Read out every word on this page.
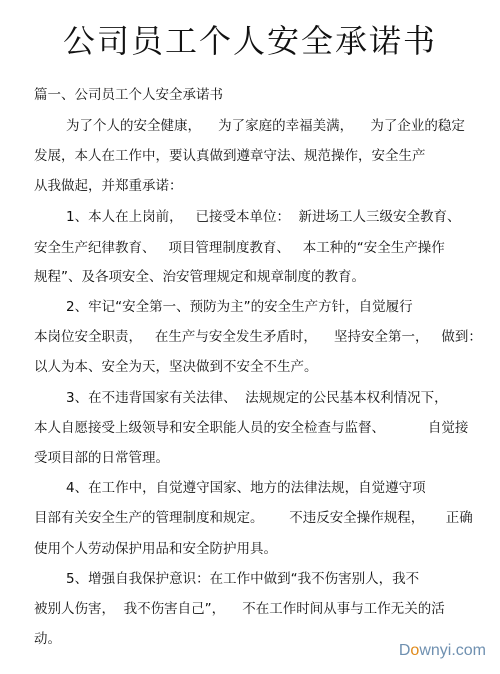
公司员工个人安全承诺书
篇一、公司员工个人安全承诺书
为了个人的安全健康，    为了家庭的幸福美满，    为了企业的稳定
发展，本人在工作中，要认真做到遵章守法、规范操作，安全生产
从我做起，并郑重承诺：
1、本人在上岗前，   已接受本单位：  新进场工人三级安全教育、
安全生产纪律教育、   项目管理制度教育、   本工种的“安全生产操作
规程”、及各项安全、治安管理规定和规章制度的教育。
2、牢记“安全第一、预防为主”的安全生产方针，自觉履行
本岗位安全职责，   在生产与安全发生矛盾时，    坚持安全第一，   做到：
以人为本、安全为天，坚决做到不安全不生产。
3、在不违背国家有关法律、  法规规定的公民基本权利情况下，
本人自愿接受上级领导和安全职能人员的安全检查与监督、          自觉接
受项目部的日常管理。
4、在工作中，自觉遵守国家、地方的法律法规，自觉遵守项
目部有关安全生产的管理制度和规定。      不违反安全操作规程，     正确
使用个人劳动保护用品和安全防护用具。
5、增强自我保护意识：在工作中做到“我不伤害别人，我不
被别人伤害，  我不伤害自己”，    不在工作时间从事与工作无关的活
动。
Downyi.com
